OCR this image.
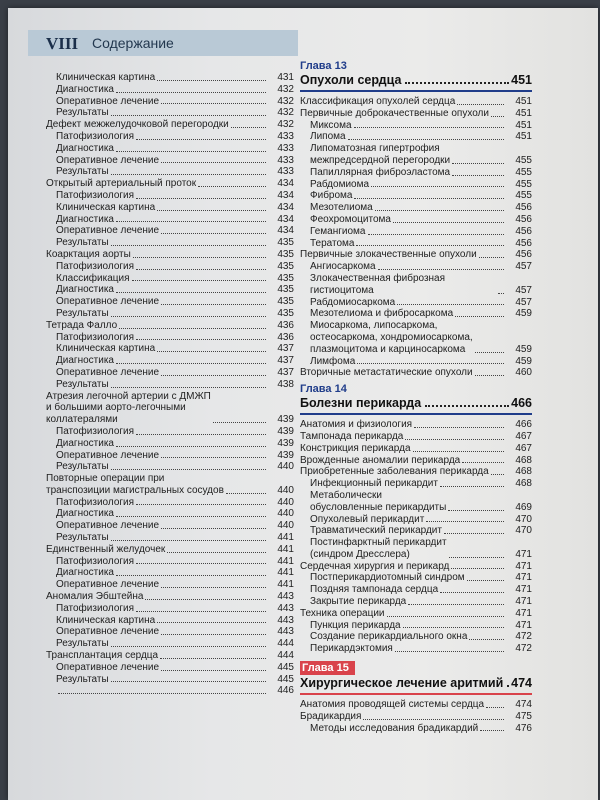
VIII Содержание
Клиническая картина	431
Диагностика	432
Оперативное лечение	432
Результаты	432
Дефект межжелудочковой перегородки	432
Патофизиология	433
Диагностика	433
Оперативное лечение	433
Результаты	433
Открытый артериальный проток	434
Патофизиология	434
Клиническая картина	434
Диагностика	434
Оперативное лечение	434
Результаты	435
Коарктация аорты	435
Патофизиология	435
Классификация	435
Диагностика	435
Оперативное лечение	435
Результаты	435
Тетрада Фалло	436
Патофизиология	436
Клиническая картина	437
Диагностика	437
Оперативное лечение	437
Результаты	438
Атрезия легочной артерии с ДМЖП
и большими аорто-легочными
коллатералями	439
Патофизиология	439
Диагностика	439
Оперативное лечение	439
Результаты	440
Повторные операции при
транспозиции магистральных сосудов	440
Патофизиология	440
Диагностика	440
Оперативное лечение	440
Результаты	441
Единственный желудочек	441
Патофизиология	441
Диагностика	441
Оперативное лечение	441
Аномалия Эбштейна	443
Патофизиология	443
Клиническая картина	443
Оперативное лечение	443
Результаты	444
Трансплантация сердца	444
Оперативное лечение	445
Результаты	445
446
Глава 13
Опухоли сердца	451
Классификация опухолей сердца	451
Первичные доброкачественные опухоли	451
Миксома	451
Липома	451
Липоматозная гипертрофия
межпредсердной перегородки	455
Папиллярная фиброэластома	455
Рабдомиома	455
Фиброма	455
Мезотелиома	456
Феохромоцитома	456
Гемангиома	456
Тератома	456
Первичные злокачественные опухоли	456
Ангиосаркома	457
Злокачественная фиброзная гистиоцитома	457
Рабдомиосаркома	457
Мезотелиома и фибросаркома	459
Миосаркома, липосаркома,
остеосаркома, хондромиосаркома,
плазмоцитома и карциносаркома	459
Лимфома	459
Вторичные метастатические опухоли	460
Глава 14
Болезни перикарда	466
Анатомия и физиология	466
Тампонада перикарда	467
Констрикция перикарда	467
Врожденные аномалии перикарда	468
Приобретенные заболевания перикарда	468
Инфекционный перикардит	468
Метаболически
обусловленные перикардиты	469
Опухолевый перикардит	470
Травматический перикардит	470
Постинфарктный перикардит
(синдром Дресслера)	471
Сердечная хирургия и перикард	471
Постперикардиотомный синдром	471
Поздняя тампонада сердца	471
Закрытие перикарда	471
Техника операции	471
Пункция перикарда	471
Создание перикардиального окна	472
Перикардэктомия	472
Глава 15
Хирургическое лечение аритмий 474
Анатомия проводящей системы сердца	474
Брадикардия	475
Методы исследования брадикардий	476
